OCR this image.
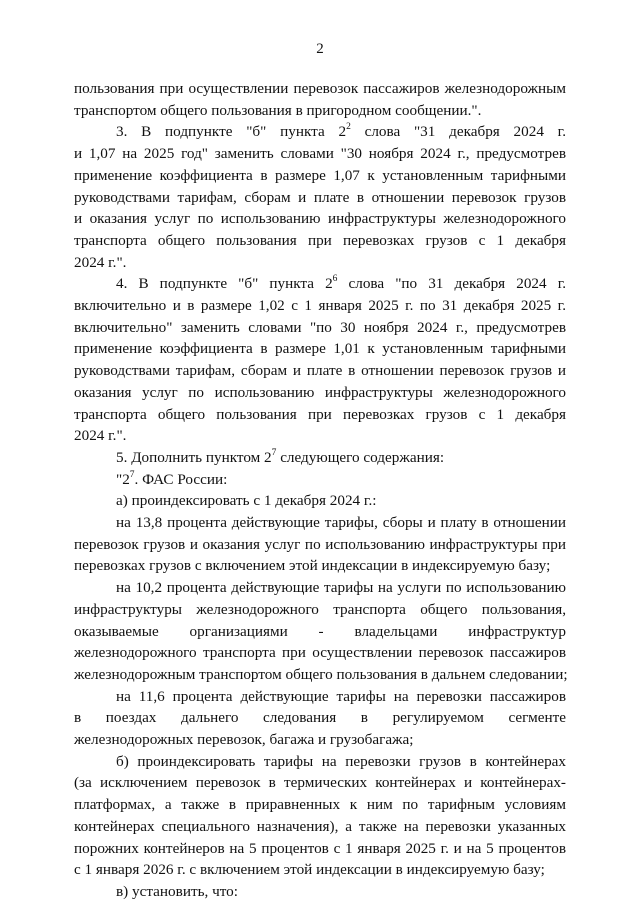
2
пользования при осуществлении перевозок пассажиров железнодорожным
транспортом общего пользования в пригородном сообщении.".
3. В подпункте "б" пункта $2^2$ слова "31 декабря 2024 г.
и 1,07 на 2025 год" заменить словами "30 ноября 2024 г., предусмотрев
применение коэффициента в размере 1,07 к установленным тарифными
руководствами тарифам, сборам и плате в отношении перевозок грузов
и оказания услуг по использованию инфраструктуры железнодорожного
транспорта общего пользования при перевозках грузов с 1 декабря
2024 г.".
4. В подпункте "б" пункта $2^6$ слова "по 31 декабря 2024 г.
включительно и в размере 1,02 с 1 января 2025 г. по 31 декабря 2025 г.
включительно" заменить словами "по 30 ноября 2024 г., предусмотрев
применение коэффициента в размере 1,01 к установленным тарифными
руководствами тарифам, сборам и плате в отношении перевозок грузов и
оказания услуг по использованию инфраструктуры железнодорожного
транспорта общего пользования при перевозках грузов с 1 декабря
2024 г.".
5. Дополнить пунктом $2^7$ следующего содержания:
"$2^7$. ФАС России:
а) проиндексировать с 1 декабря 2024 г.:
на 13,8 процента действующие тарифы, сборы и плату в отношении
перевозок грузов и оказания услуг по использованию инфраструктуры при
перевозках грузов с включением этой индексации в индексируемую базу;
на 10,2 процента действующие тарифы на услуги по использованию
инфраструктуры железнодорожного транспорта общего пользования,
оказываемые организациями - владельцами инфраструктур
железнодорожного транспорта при осуществлении перевозок пассажиров
железнодорожным транспортом общего пользования в дальнем следовании;
на 11,6 процента действующие тарифы на перевозки пассажиров
в поездах дальнего следования в регулируемом сегменте
железнодорожных перевозок, багажа и грузобагажа;
б) проиндексировать тарифы на перевозки грузов в контейнерах
(за исключением перевозок в термических контейнерах и контейнерах-
платформах, а также в приравненных к ним по тарифным условиям
контейнерах специального назначения), а также на перевозки указанных
порожних контейнеров на 5 процентов с 1 января 2025 г. и на 5 процентов
с 1 января 2026 г. с включением этой индексации в индексируемую базу;
в) установить, что:
